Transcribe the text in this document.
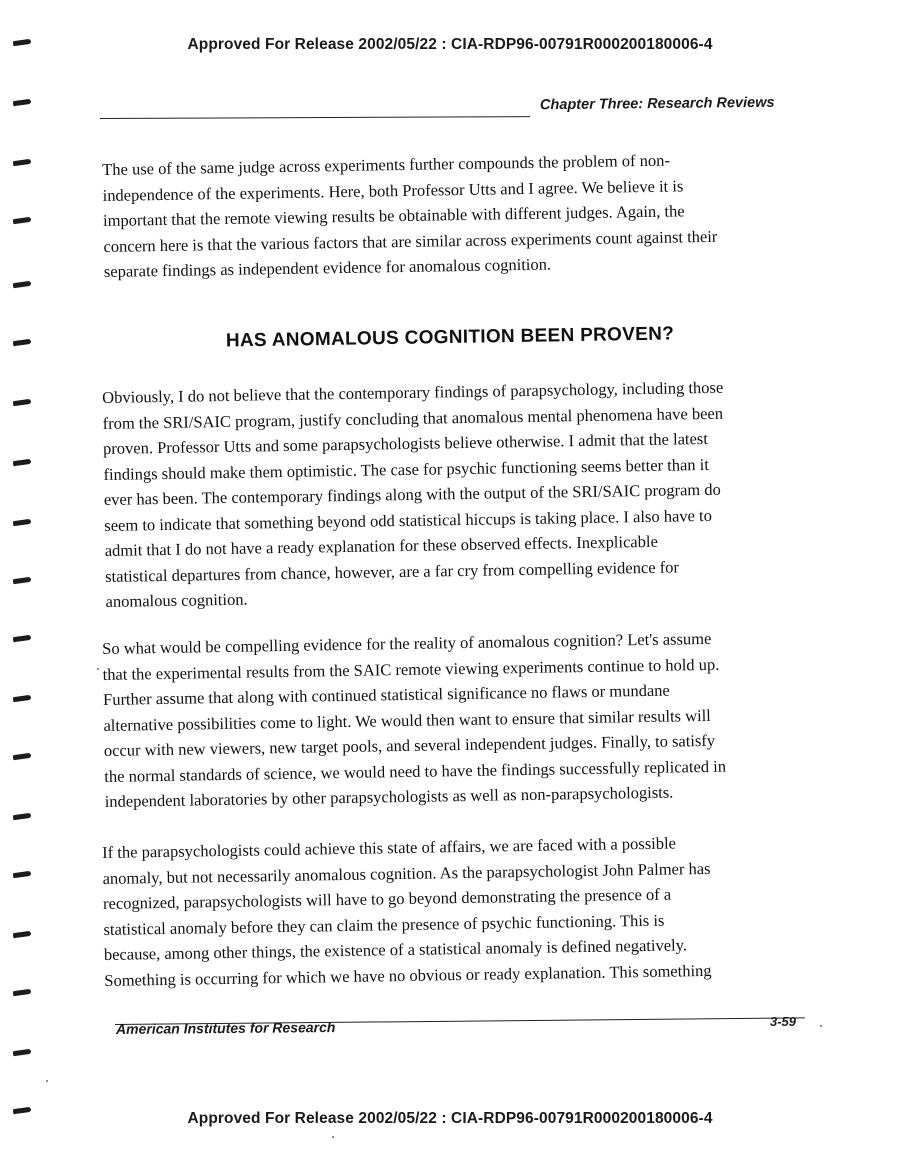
Approved For Release 2002/05/22 : CIA-RDP96-00791R000200180006-4
Chapter Three: Research Reviews
The use of the same judge across experiments further compounds the problem of non-
independence of the experiments. Here, both Professor Utts and I agree. We believe it is
important that the remote viewing results be obtainable with different judges. Again, the
concern here is that the various factors that are similar across experiments count against their
separate findings as independent evidence for anomalous cognition.
HAS ANOMALOUS COGNITION BEEN PROVEN?
Obviously, I do not believe that the contemporary findings of parapsychology, including those
from the SRI/SAIC program, justify concluding that anomalous mental phenomena have been
proven. Professor Utts and some parapsychologists believe otherwise. I admit that the latest
findings should make them optimistic. The case for psychic functioning seems better than it
ever has been. The contemporary findings along with the output of the SRI/SAIC program do
seem to indicate that something beyond odd statistical hiccups is taking place. I also have to
admit that I do not have a ready explanation for these observed effects. Inexplicable
statistical departures from chance, however, are a far cry from compelling evidence for
anomalous cognition.
So what would be compelling evidence for the reality of anomalous cognition? Let's assume
that the experimental results from the SAIC remote viewing experiments continue to hold up.
Further assume that along with continued statistical significance no flaws or mundane
alternative possibilities come to light. We would then want to ensure that similar results will
occur with new viewers, new target pools, and several independent judges. Finally, to satisfy
the normal standards of science, we would need to have the findings successfully replicated in
independent laboratories by other parapsychologists as well as non-parapsychologists.
If the parapsychologists could achieve this state of affairs, we are faced with a possible
anomaly, but not necessarily anomalous cognition. As the parapsychologist John Palmer has
recognized, parapsychologists will have to go beyond demonstrating the presence of a
statistical anomaly before they can claim the presence of psychic functioning. This is
because, among other things, the existence of a statistical anomaly is defined negatively.
Something is occurring for which we have no obvious or ready explanation. This something
American Institutes for Research	3-59
Approved For Release 2002/05/22 : CIA-RDP96-00791R000200180006-4
